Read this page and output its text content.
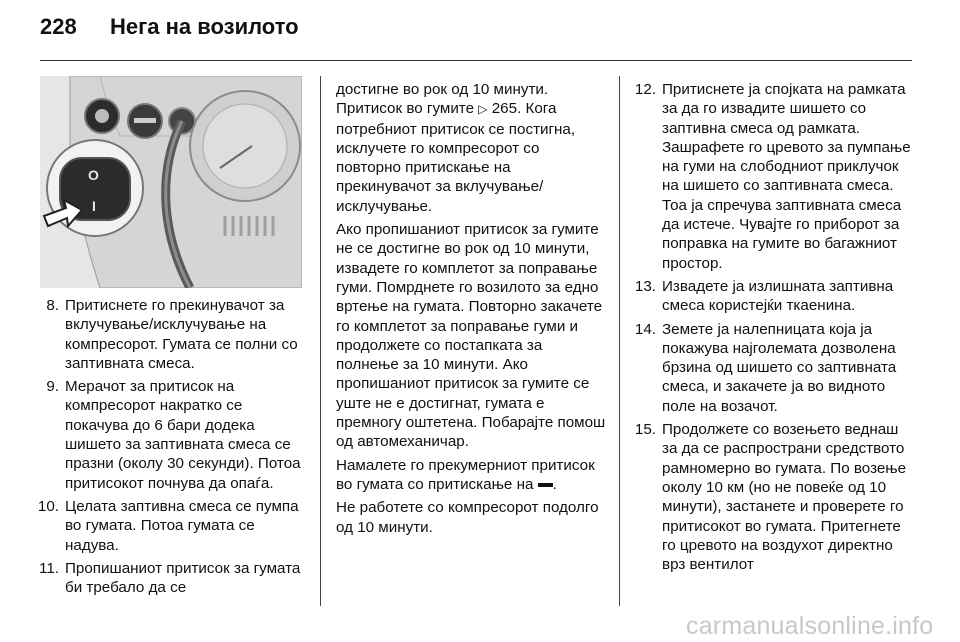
228	Нега на возилото
O
I
8. Притиснете го прекинувачот за вклучување/исклучување на компресорот. Гумата се полни со заптивната смеса.
9. Мерачот за притисок на компресорот накратко се покачува до 6 бари додека шишето за заптивната смеса се празни (околу 30 секунди). Потоа притисокот почнува да опаѓа.
10. Целата заптивна смеса се пумпа во гумата. Потоа гумата се надува.
11. Пропишаниот притисок за гумата би требало да се

достигне во рок од 10 минути. Притисок во гумите ▷ 265. Кога потребниот притисок се постигна, исклучете го компресорот со повторно притискање на прекинувачот за вклучување/исклучување.

Ако пропишаниот притисок за гумите не се достигне во рок од 10 минути, извадете го комплетот за поправање гуми. Помрднете го возилото за едно вртење на гумата. Повторно закачете го комплетот за поправање гуми и продолжете со постапката за полнење за 10 минути. Ако пропишаниот притисок за гумите се уште не е достигнат, гумата е премногу оштетена. Побарајте помош од автомеханичар.

Намалете го прекумерниот притисок во гумата со притискање на .

Не работете со компресорот подолго од 10 минути.

12. Притиснете ја спојката на рамката за да го извадите шишето со заптивна смеса од рамката. Зашрафете го цревото за пумпање на гуми на слободниот приклучок на шишето со заптивната смеса. Тоа ја спречува заптивната смеса да истече. Чувајте го приборот за поправка на гумите во багажниот простор.
13. Извадете ја излишната заптивна смеса користејќи ткаенина.
14. Земете ја налепницата која ја покажува најголемата дозволена брзина од шишето со заптивната смеса, и закачете ја во видното поле на возачот.
15. Продолжете со возењето веднаш за да се распространи средството рамномерно во гумата. По возење околу 10 км (но не повеќе од 10 минути), застанете и проверете го притисокот во гумата. Притегнете го цревото на воздухот директно врз вентилот
carmanualsonline.info
